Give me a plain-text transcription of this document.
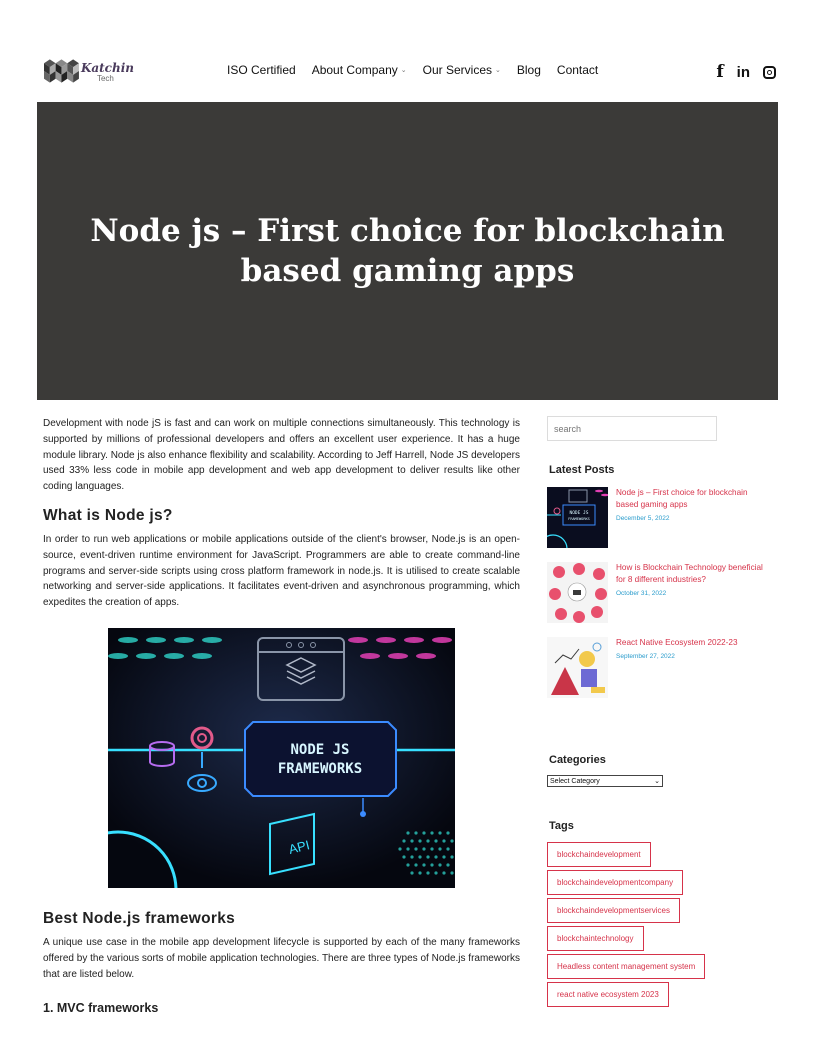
Katchin
Tech
ISO Certified About Company ⌄ Our Services ⌄ Blog Contact	f in
Node js – First choice for blockchain based gaming apps

Development with node jS is fast and can work on multiple connections simultaneously. This technology is supported by millions of professional developers and offers an excellent user experience. It has a huge module library. Node js also enhance flexibility and scalability. According to Jeff Harrell, Node JS developers used 33% less code in mobile app development and web app development to deliver results like other coding languages.

What is Node js?

In order to run web applications or mobile applications outside of the client's browser, Node.js is an open-source, event-driven runtime environment for JavaScript. Programmers are able to create command-line programs and server-side scripts using cross platform framework in node.js. It is utilised to create scalable networking and server-side applications. It facilitates event-driven and asynchronous programming, which expedites the creation of apps.

NODE JS
FRAMEWORKS
API
Best Node.js frameworks

A unique use case in the mobile app development lifecycle is supported by each of the many frameworks offered by the various sorts of mobile application technologies. There are three types of Node.js frameworks that are listed below.

1. MVC frameworks
search
Latest Posts
NODE JS
FRAMEWORKS
Node js – First choice for blockchain based gaming apps
December 5, 2022
How is Blockchain Technology beneficial for 8 different industries?
October 31, 2022
React Native Ecosystem 2022-23
September 27, 2022
Categories
Select Category	⌄
Tags
blockchaindevelopment
blockchaindevelopmentcompany
blockchaindevelopmentservices
blockchaintechnology
Headless content management system
react native ecosystem 2023
